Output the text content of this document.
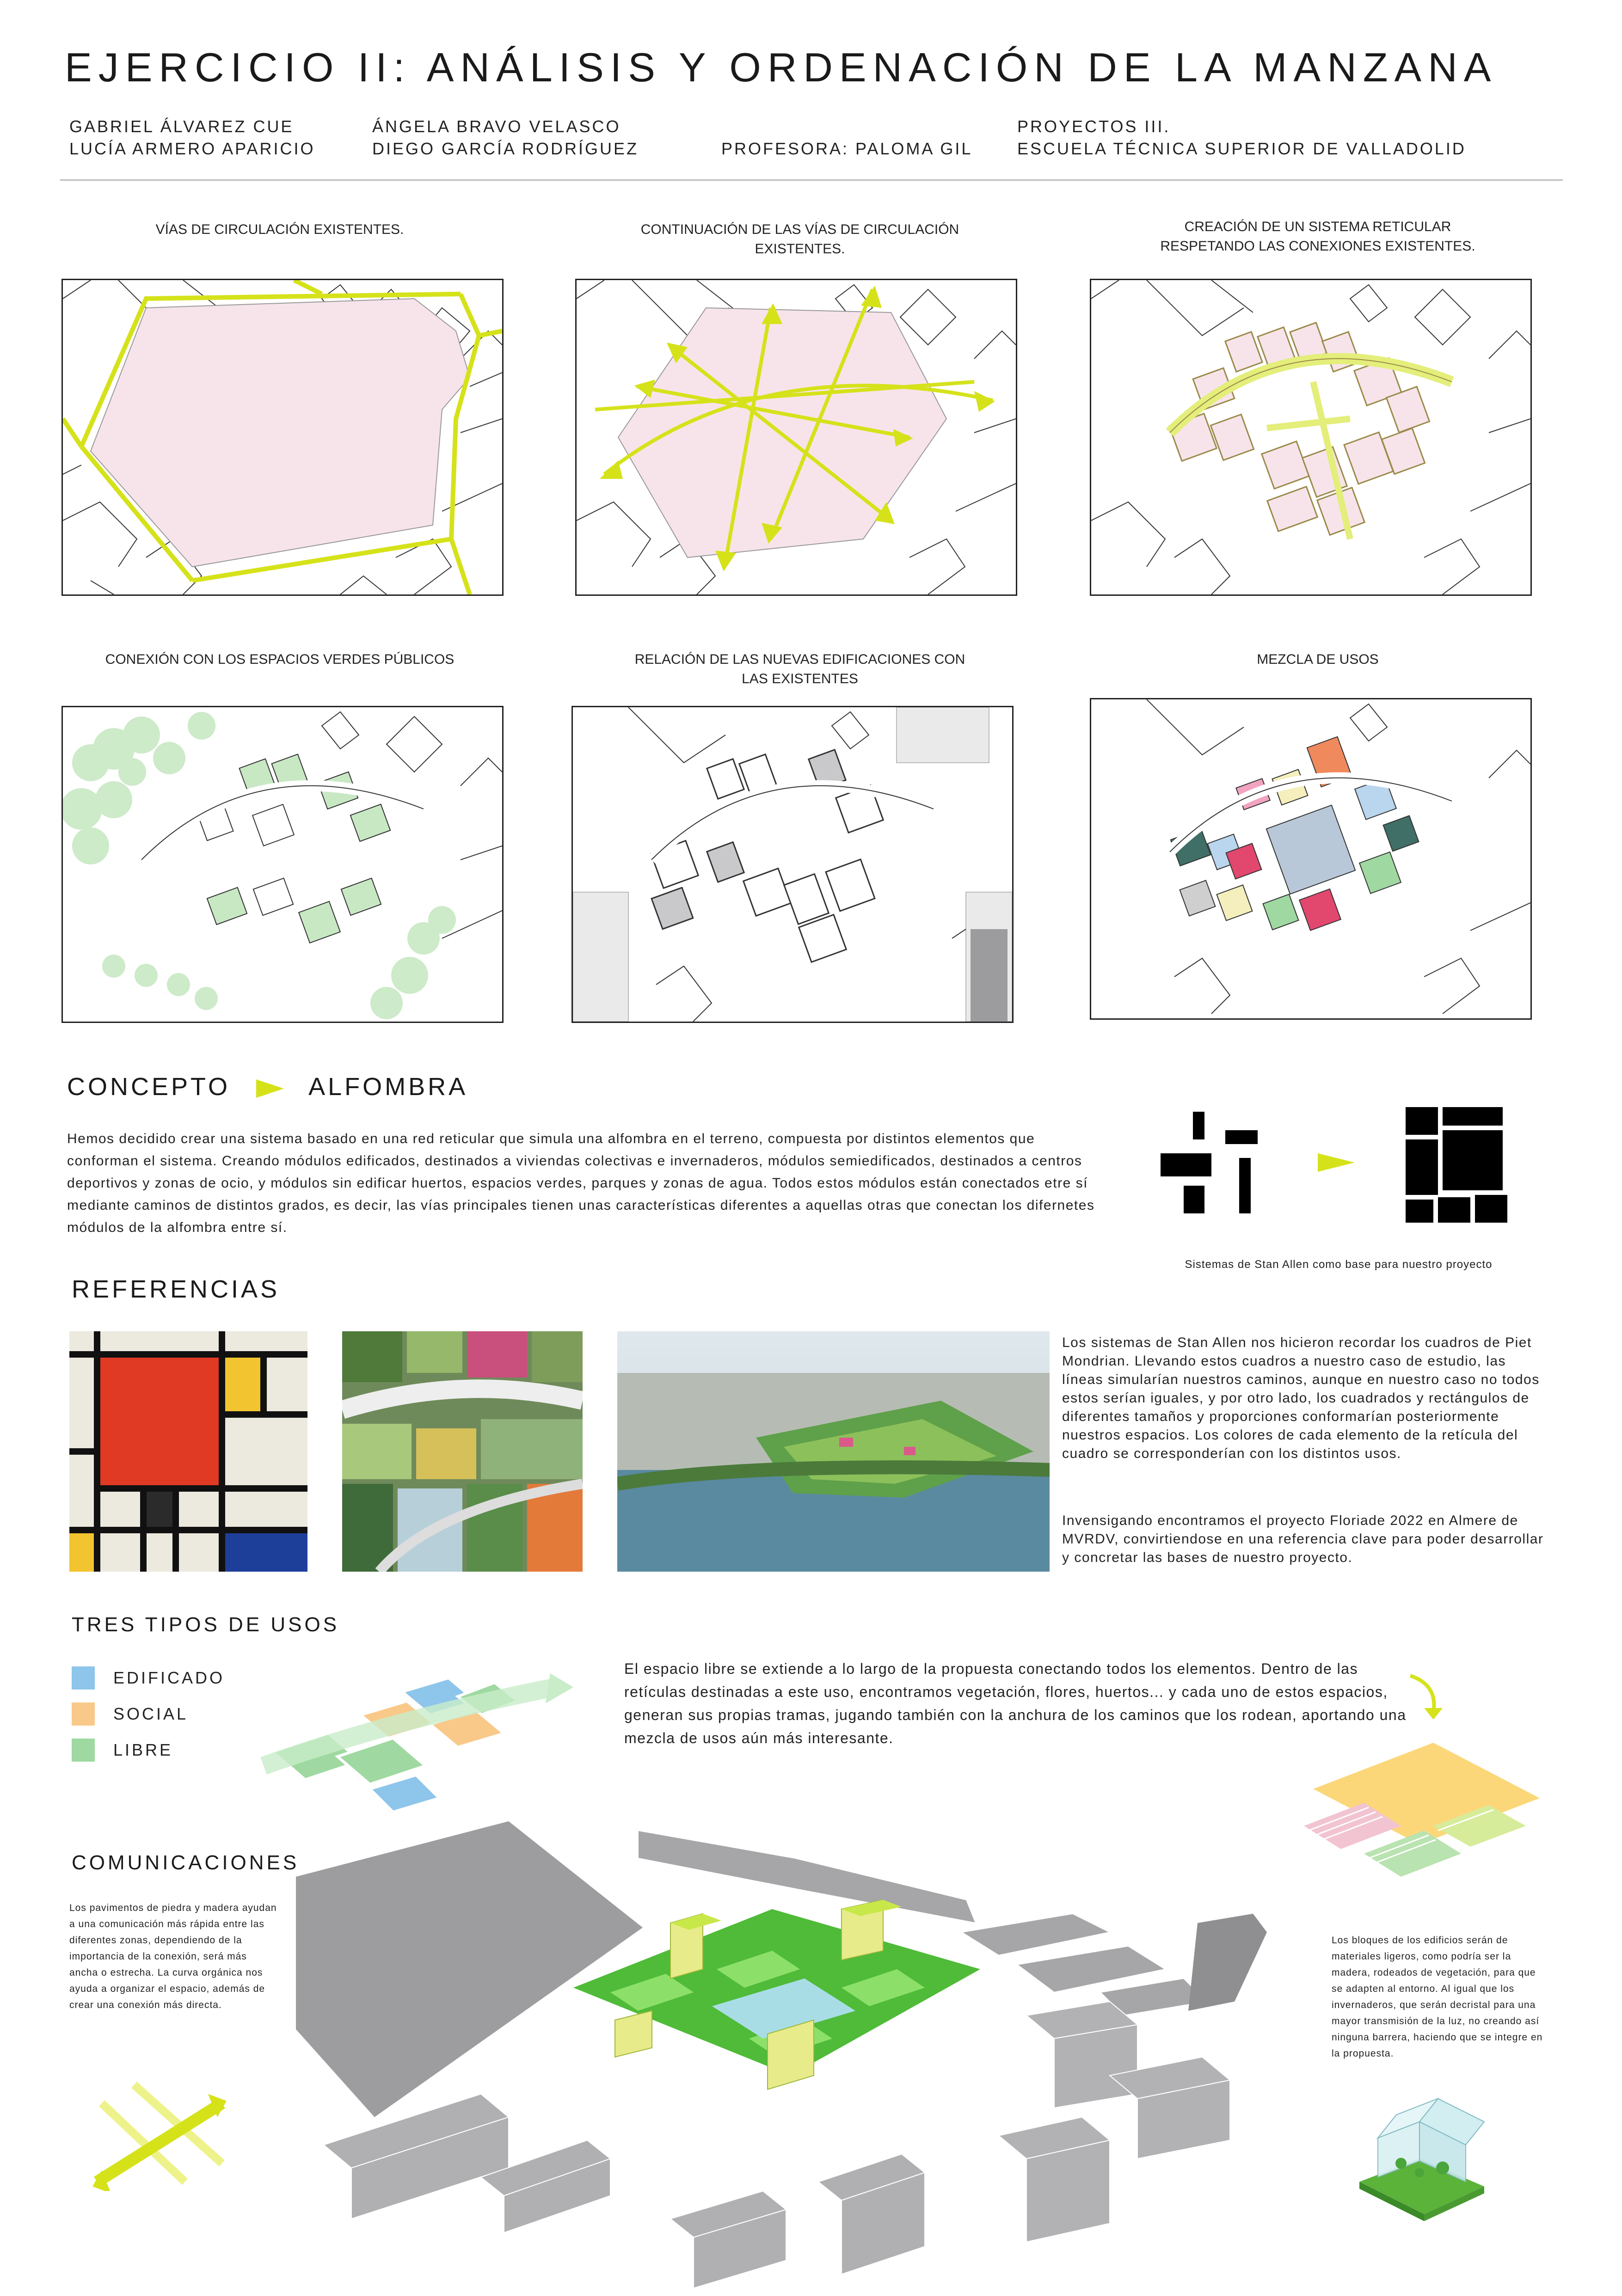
EJERCICIO II: ANÁLISIS Y ORDENACIÓN DE LA MANZANA
GABRIEL ÁLVAREZ CUE
LUCÍA ARMERO APARICIO
ÁNGELA BRAVO VELASCO
DIEGO GARCÍA RODRÍGUEZ	PROFESORA: PALOMA GIL
PROYECTOS III.
ESCUELA TÉCNICA SUPERIOR DE VALLADOLID
VÍAS DE CIRCULACIÓN EXISTENTES.	CONTINUACIÓN DE LAS VÍAS DE CIRCULACIÓN
EXISTENTES.
CREACIÓN DE UN SISTEMA RETICULAR
RESPETANDO LAS CONEXIONES EXISTENTES.
CONEXIÓN CON LOS ESPACIOS VERDES PÚBLICOS	RELACIÓN DE LAS NUEVAS EDIFICACIONES CON
LAS EXISTENTES
MEZCLA DE USOS
CONCEPTO	ALFOMBRA
Hemos decidido crear una sistema basado en una red reticular que simula una alfombra en el terreno, compuesta por distintos elementos que conforman el sistema. Creando módulos edificados, destinados a viviendas colectivas e invernaderos, módulos semiedificados, destinados a centros deportivos y zonas de ocio, y módulos sin edificar huertos, espacios verdes, parques y zonas de agua. Todos estos módulos están conectados etre sí mediante caminos de distintos grados, es decir, las vías principales tienen unas características diferentes a aquellas otras que conectan los difernetes módulos de la alfombra entre sí.
Sistemas de Stan Allen como base para nuestro proyecto
REFERENCIAS
Los sistemas de Stan Allen nos hicieron recordar los cuadros de Piet Mondrian. Llevando estos cuadros a nuestro caso de estudio, las líneas simularían nuestros caminos, aunque en nuestro caso no todos estos serían iguales, y por otro lado, los cuadrados y rectángulos de diferentes tamaños y proporciones conformarían posteriormente nuestros espacios. Los colores de cada elemento de la retícula del cuadro se corresponderían con los distintos usos.
Invensigando encontramos el proyecto Floriade 2022 en Almere de MVRDV, convirtiendose en una referencia clave para poder desarrollar y concretar las bases de nuestro proyecto.
TRES TIPOS DE USOS
EDIFICADO
SOCIAL
LIBRE
El espacio libre se extiende a lo largo de la propuesta conectando todos los elementos. Dentro de las retículas destinadas a este uso, encontramos vegetación, flores, huertos... y cada uno de estos espacios, generan sus propias tramas, jugando también con la anchura de los caminos que los rodean, aportando una mezcla de usos aún más interesante.
COMUNICACIONES
Los pavimentos de piedra y madera ayudan a una comunicación más rápida entre las diferentes zonas, dependiendo de la importancia de la conexión, será más ancha o estrecha. La curva orgánica nos ayuda a organizar el espacio, además de crear una conexión más directa.
Los bloques de los edificios serán de materiales ligeros, como podría ser la madera, rodeados de vegetación, para que se adapten al entorno. Al igual que los invernaderos, que serán decristal para una mayor transmisión de la luz, no creando así ninguna barrera, haciendo que se integre en la propuesta.
